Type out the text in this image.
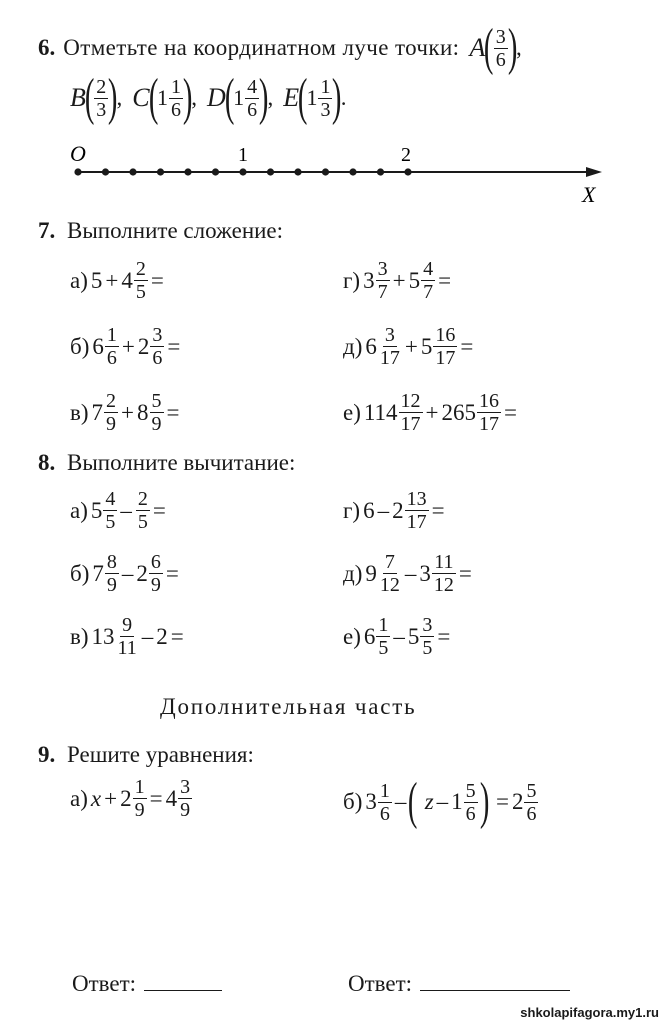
6. Отметьте на координатном луче точки: A
( $\frac{3}{6}$ )
,
B
( $\frac{2}{3}$ )
, C
(
$1 \frac{1}{6}$ )
, D
(
$1 \frac{4}{6}$ )
, E
(
$1 \frac{1}{3}$ )
.
O	1	2
X
7. Выполните сложение:
а) $5 + 4 \frac{2}{5}$ =	г) $3 \frac{3}{7} + 5 \frac{4}{7}$ =
б) $6 \frac{1}{6} + 2 \frac{3}{6}$ =	д) $6 \frac{3}{17} + 5 \frac{16}{17}$ =
в) $7 \frac{2}{9} + 8 \frac{5}{9}$ =	е) $114 \frac{12}{17} + 265 \frac{16}{17}$ =
8. Выполните вычитание:
а) $5 \frac{4}{5} - \frac{2}{5}$ =	г) $6 - 2 \frac{13}{17}$ =
б) $7 \frac{8}{9} - 2 \frac{6}{9}$ =	д) $9 \frac{7}{12} - 3 \frac{11}{12}$ =
в) $13 \frac{9}{11} - 2$ =	е) $6 \frac{1}{5} - 5 \frac{3}{5}$ =
Дополнительная часть
9. Решите уравнения:
а) $x + 2 \frac{1}{9} = 4 \frac{3}{9}$	б) $3 \frac{1}{6}$ – ( z – $1 \frac{5}{6}$ ) = $2 \frac{5}{6}$
Ответ:	Ответ:
shkolapifagora.my1.ru
